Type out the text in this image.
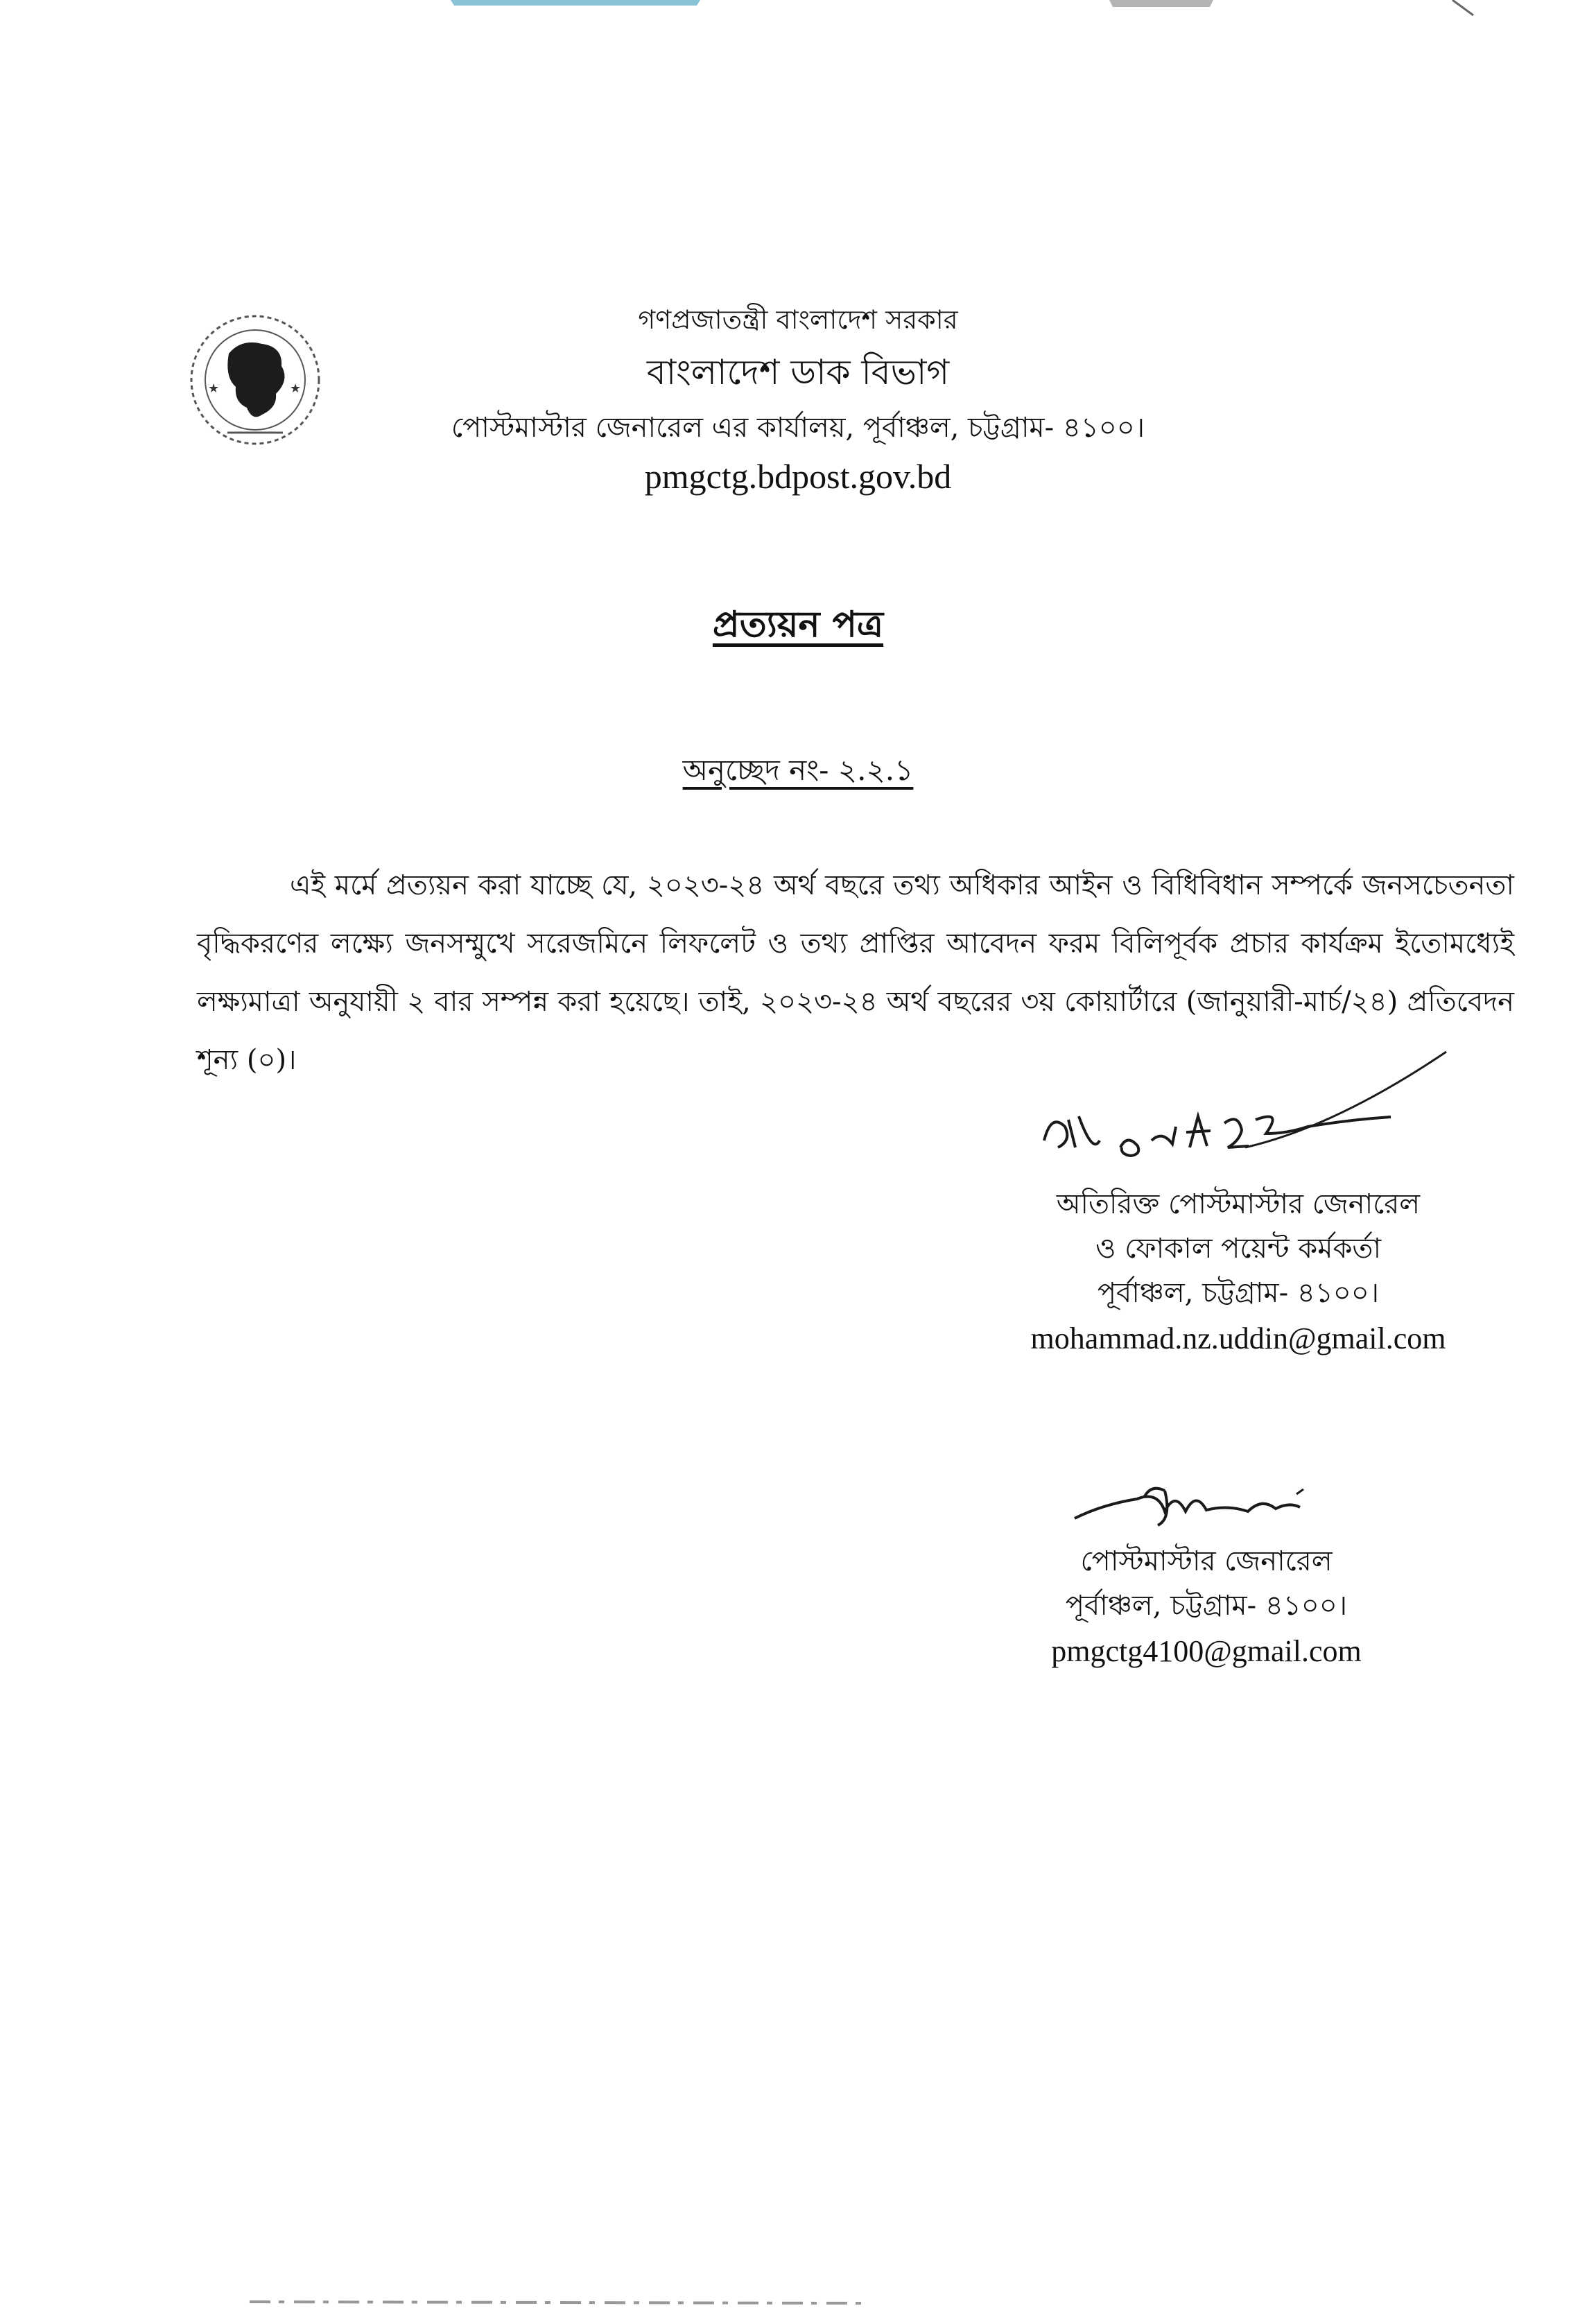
★	★
গণপ্রজাতন্ত্রী বাংলাদেশ সরকার
বাংলাদেশ ডাক বিভাগ
পোস্টমাস্টার জেনারেল এর কার্যালয়, পূর্বাঞ্চল, চট্টগ্রাম- ৪১০০।
pmgctg.bdpost.gov.bd
প্রত্যয়ন পত্র
অনুচ্ছেদ নং- ২.২.১

এই মর্মে প্রত্যয়ন করা যাচ্ছে যে, ২০২৩-২৪ অর্থ বছরে তথ্য অধিকার আইন ও বিধিবিধান সম্পর্কে জনসচেতনতা বৃদ্ধিকরণের লক্ষ্যে জনসম্মুখে সরেজমিনে লিফলেট ও তথ্য প্রাপ্তির আবেদন ফরম বিলিপূর্বক প্রচার কার্যক্রম ইতোমধ্যেই লক্ষ্যমাত্রা অনুযায়ী ২ বার সম্পন্ন করা হয়েছে। তাই, ২০২৩-২৪ অর্থ বছরের ৩য় কোয়ার্টারে (জানুয়ারী-মার্চ/২৪) প্রতিবেদন শূন্য (০)।

অতিরিক্ত পোস্টমাস্টার জেনারেল
ও ফোকাল পয়েন্ট কর্মকর্তা
পূর্বাঞ্চল, চট্টগ্রাম- ৪১০০।
mohammad.nz.uddin@gmail.com
পোস্টমাস্টার জেনারেল
পূর্বাঞ্চল, চট্টগ্রাম- ৪১০০।
pmgctg4100@gmail.com
